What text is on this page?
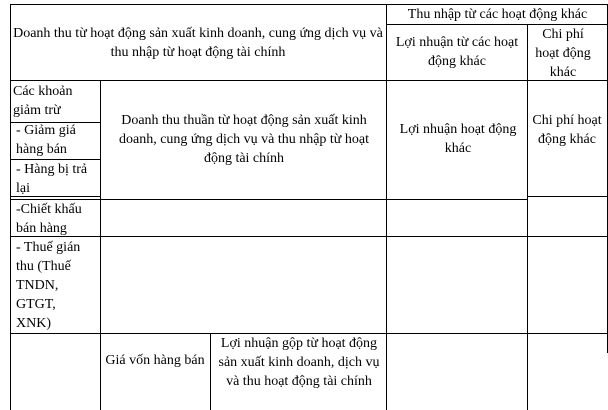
Doanh thu từ hoạt động sản xuất kinh doanh, cung ứng dịch vụ và thu nhập từ hoạt động tài chính
Thu nhập từ các hoạt động khác
Lợi nhuận từ các hoạt động khác
Chi phí hoạt động khác
Các khoản giảm trừ
- Giảm giá hàng bán
- Hàng bị trả lại
-Chiết khấu bán hàng
- Thuế gián thu (Thuế TNDN, GTGT, XNK)
Doanh thu thuần từ hoạt động sản xuất kinh doanh, cung ứng dịch vụ và thu nhập từ hoạt động tài chính
Lợi nhuận hoạt động khác
Chi phí hoạt động khác
Giá vốn hàng bán
Lợi nhuận gộp từ hoạt động sản xuất kinh doanh, dịch vụ và thu hoạt động tài chính
